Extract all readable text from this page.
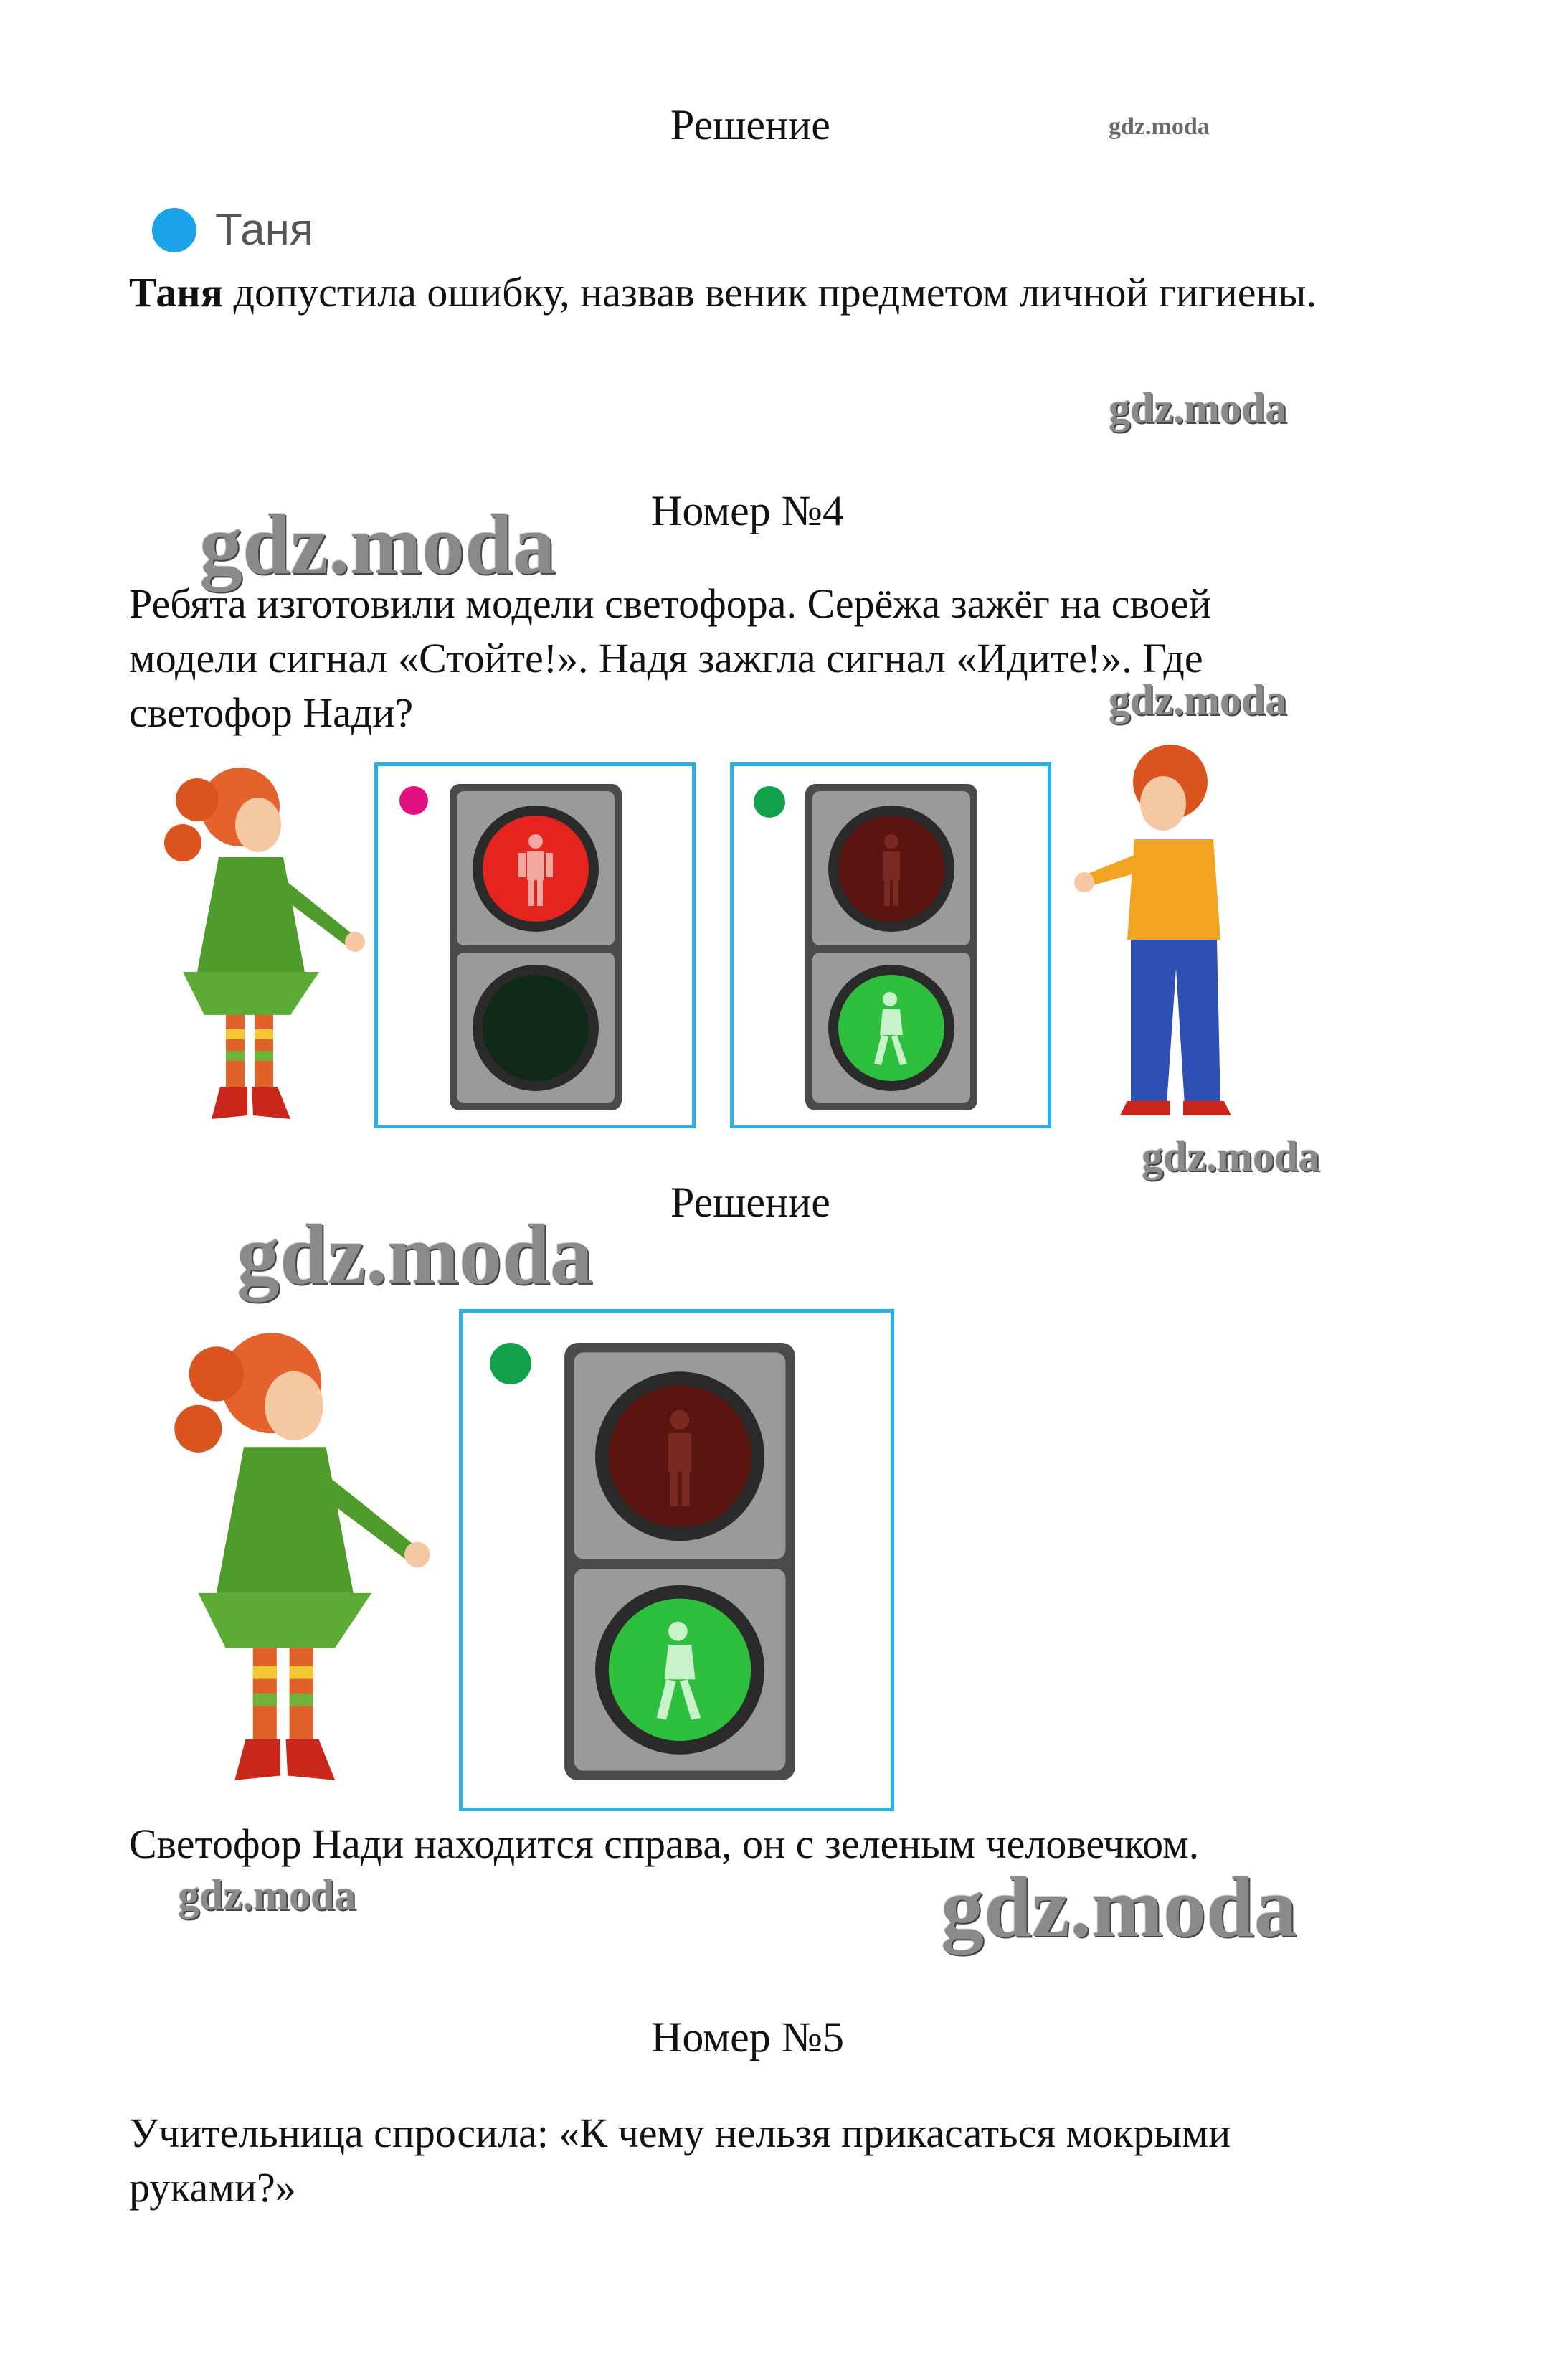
gdz.moda
gdz.moda
gdz.moda
gdz.moda
gdz.moda
gdz.moda
gdz.moda	gdz.moda
Решение
Таня
Таня допустила ошибку, назвав веник предметом личной гигиены.
Номер №4
Ребята изготовили модели светофора. Серёжа зажёг на своей модели сигнал «Стойте!». Надя зажгла сигнал «Идите!». Где светофор Нади?
Решение
Светофор Нади находится справа, он с зеленым человечком.
Номер №5
Учительница спросила: «К чему нельзя прикасаться мокрыми руками?»
